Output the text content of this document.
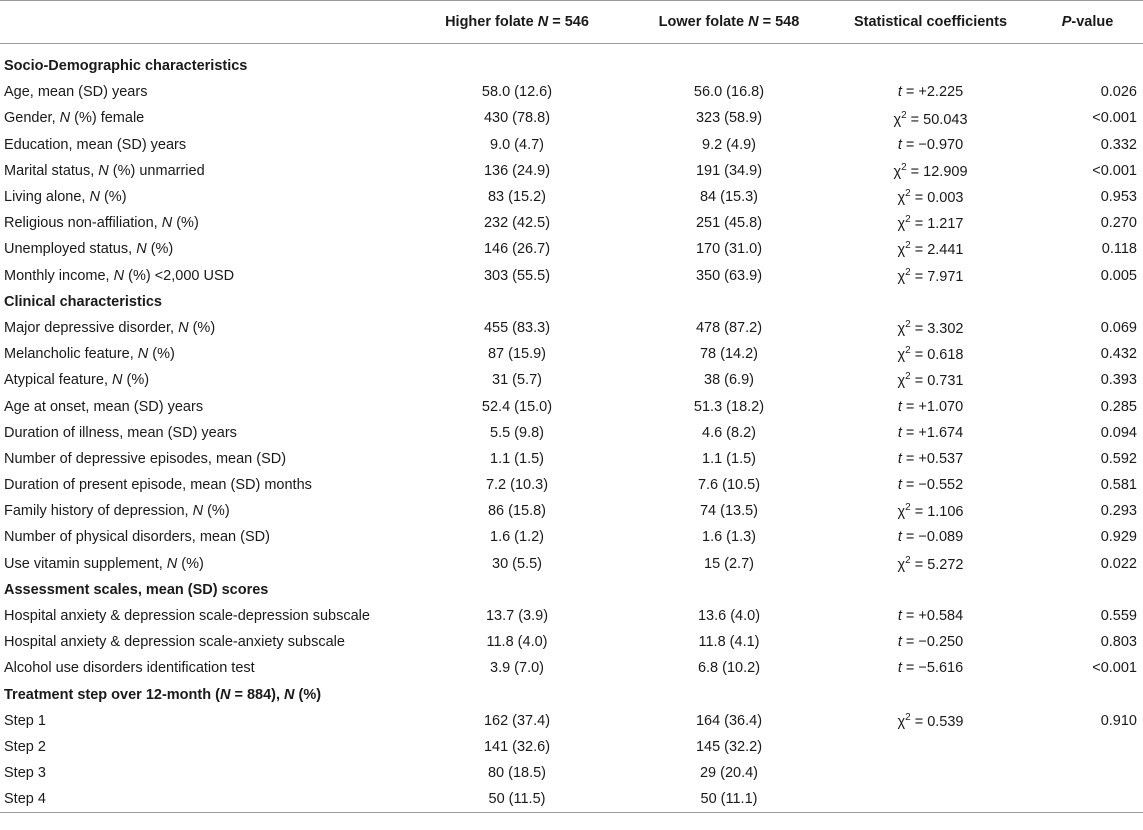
	Higher folate N = 546	Lower folate N = 548	Statistical coefficients	P-value

Socio-Demographic characteristics				
Age, mean (SD) years	58.0 (12.6)	56.0 (16.8)	t = +2.225	0.026
Gender, N (%) female	430 (78.8)	323 (58.9)	$\chi^2 = 50.043$	<0.001
Education, mean (SD) years	9.0 (4.7)	9.2 (4.9)	t = −0.970	0.332
Marital status, N (%) unmarried	136 (24.9)	191 (34.9)	$\chi^2 = 12.909$	<0.001
Living alone, N (%)	83 (15.2)	84 (15.3)	$\chi^2 = 0.003$	0.953
Religious non-affiliation, N (%)	232 (42.5)	251 (45.8)	$\chi^2 = 1.217$	0.270
Unemployed status, N (%)	146 (26.7)	170 (31.0)	$\chi^2 = 2.441$	0.118
Monthly income, N (%) <2,000 USD	303 (55.5)	350 (63.9)	$\chi^2 = 7.971$	0.005
Clinical characteristics				
Major depressive disorder, N (%)	455 (83.3)	478 (87.2)	$\chi^2 = 3.302$	0.069
Melancholic feature, N (%)	87 (15.9)	78 (14.2)	$\chi^2 = 0.618$	0.432
Atypical feature, N (%)	31 (5.7)	38 (6.9)	$\chi^2 = 0.731$	0.393
Age at onset, mean (SD) years	52.4 (15.0)	51.3 (18.2)	t = +1.070	0.285
Duration of illness, mean (SD) years	5.5 (9.8)	4.6 (8.2)	t = +1.674	0.094
Number of depressive episodes, mean (SD)	1.1 (1.5)	1.1 (1.5)	t = +0.537	0.592
Duration of present episode, mean (SD) months	7.2 (10.3)	7.6 (10.5)	t = −0.552	0.581
Family history of depression, N (%)	86 (15.8)	74 (13.5)	$\chi^2 = 1.106$	0.293
Number of physical disorders, mean (SD)	1.6 (1.2)	1.6 (1.3)	t = −0.089	0.929
Use vitamin supplement, N (%)	30 (5.5)	15 (2.7)	$\chi^2 = 5.272$	0.022
Assessment scales, mean (SD) scores				
Hospital anxiety & depression scale-depression subscale	13.7 (3.9)	13.6 (4.0)	t = +0.584	0.559
Hospital anxiety & depression scale-anxiety subscale	11.8 (4.0)	11.8 (4.1)	t = −0.250	0.803
Alcohol use disorders identification test	3.9 (7.0)	6.8 (10.2)	t = −5.616	<0.001
Treatment step over 12-month (N = 884), N (%)				
Step 1	162 (37.4)	164 (36.4)	$\chi^2 = 0.539$	0.910
Step 2	141 (32.6)	145 (32.2)		
Step 3	80 (18.5)	29 (20.4)		
Step 4	50 (11.5)	50 (11.1)		
